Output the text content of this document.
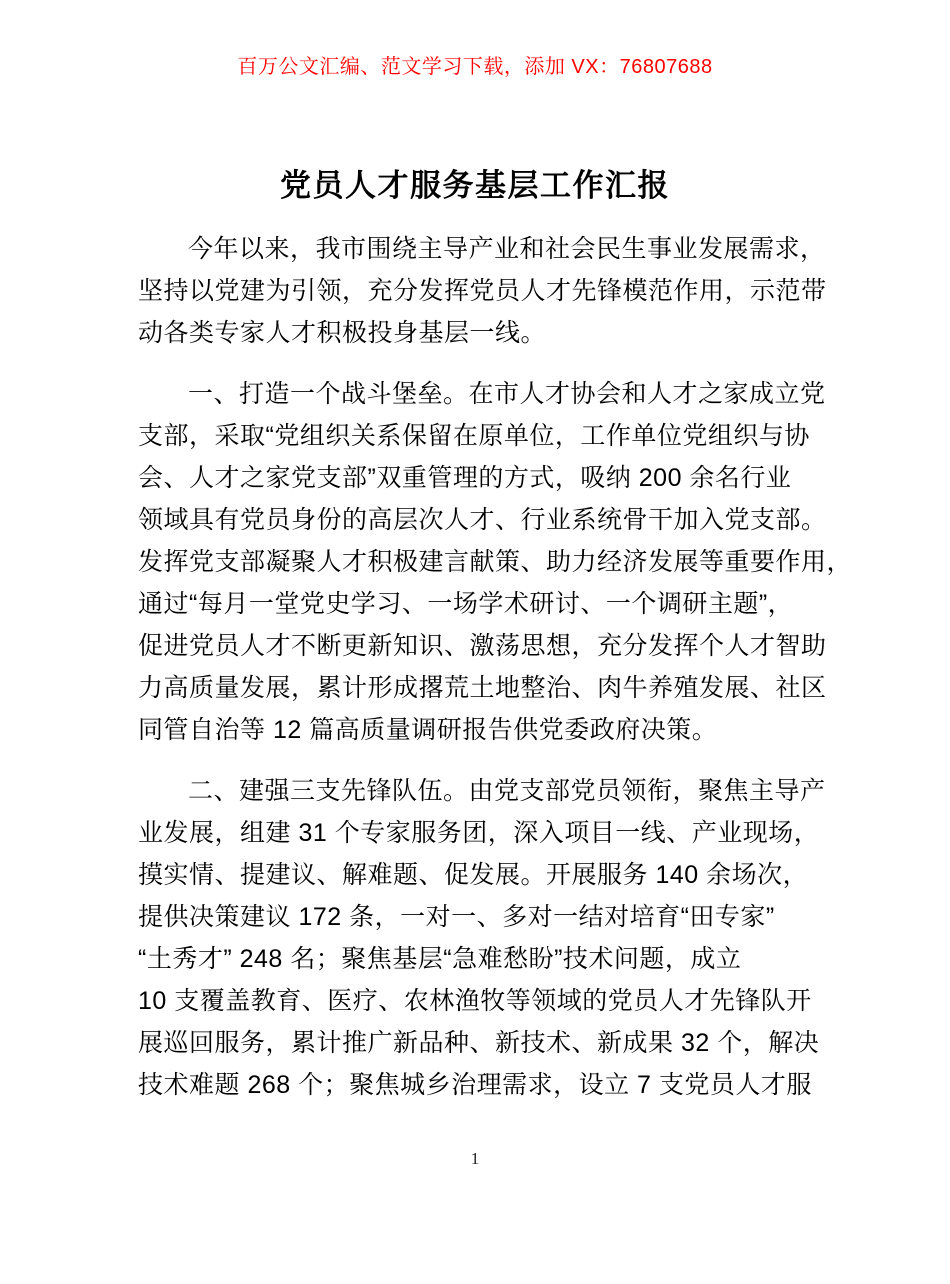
百万公文汇编、范文学习下载，添加 VX：76807688
党员人才服务基层工作汇报
今年以来，我市围绕主导产业和社会民生事业发展需求，
坚持以党建为引领，充分发挥党员人才先锋模范作用，示范带
动各类专家人才积极投身基层一线。
一、打造一个战斗堡垒。在市人才协会和人才之家成立党
支部，采取“党组织关系保留在原单位，工作单位党组织与协
会、人才之家党支部”双重管理的方式，吸纳 200 余名行业
领域具有党员身份的高层次人才、行业系统骨干加入党支部。
发挥党支部凝聚人才积极建言献策、助力经济发展等重要作用，
通过“每月一堂党史学习、一场学术研讨、一个调研主题”，
促进党员人才不断更新知识、激荡思想，充分发挥个人才智助
力高质量发展，累计形成撂荒土地整治、肉牛养殖发展、社区
同管自治等 12 篇高质量调研报告供党委政府决策。
二、建强三支先锋队伍。由党支部党员领衔，聚焦主导产
业发展，组建 31 个专家服务团，深入项目一线、产业现场，
摸实情、提建议、解难题、促发展。开展服务 140 余场次，
提供决策建议 172 条，一对一、多对一结对培育“田专家”
“土秀才” 248 名；聚焦基层“急难愁盼”技术问题，成立
10 支覆盖教育、医疗、农林渔牧等领域的党员人才先锋队开
展巡回服务，累计推广新品种、新技术、新成果 32 个，解决
技术难题 268 个；聚焦城乡治理需求，设立 7 支党员人才服
1
